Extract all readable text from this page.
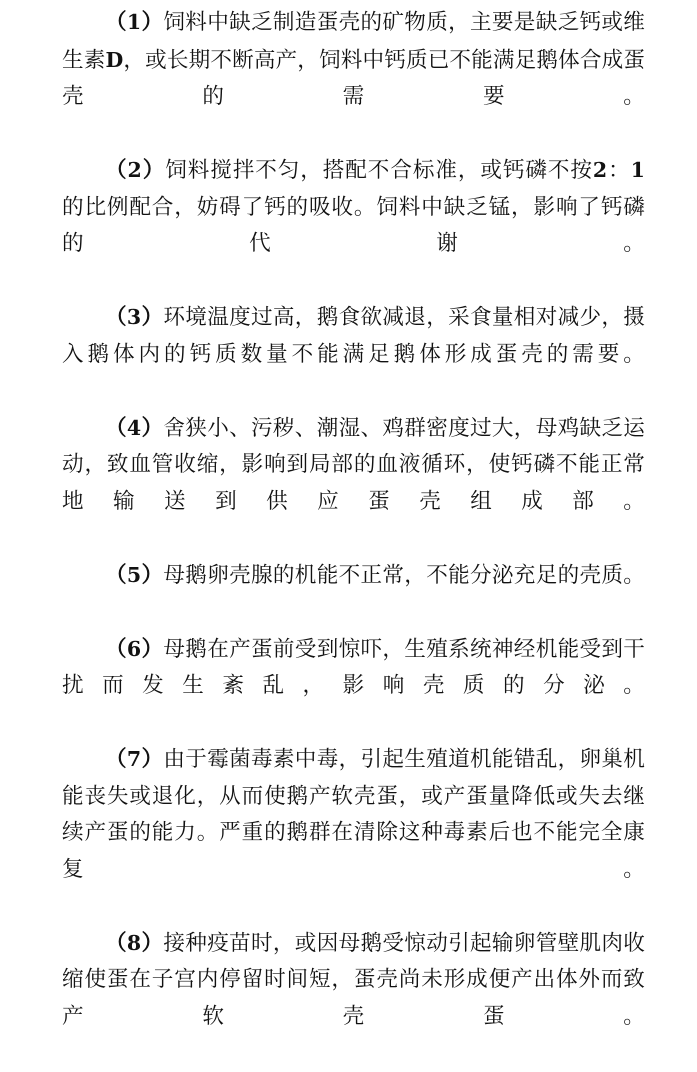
（1）饲料中缺乏制造蛋壳的矿物质，主要是缺乏钙或维生素D，或长期不断高产，饲料中钙质已不能满足鹅体合成蛋壳的需要。

（2）饲料搅拌不匀，搭配不合标准，或钙磷不按2：1的比例配合，妨碍了钙的吸收。饲料中缺乏锰，影响了钙磷的代谢。

（3）环境温度过高，鹅食欲减退，采食量相对减少，摄入鹅体内的钙质数量不能满足鹅体形成蛋壳的需要。

（4）舍狭小、污秽、潮湿、鸡群密度过大，母鸡缺乏运动，致血管收缩，影响到局部的血液循环，使钙磷不能正常地输送到供应蛋壳组成部。

（5）母鹅卵壳腺的机能不正常，不能分泌充足的壳质。

（6）母鹅在产蛋前受到惊吓，生殖系统神经机能受到干扰而发生紊乱，影响壳质的分泌。

（7）由于霉菌毒素中毒，引起生殖道机能错乱，卵巢机能丧失或退化，从而使鹅产软壳蛋，或产蛋量降低或失去继续产蛋的能力。严重的鹅群在清除这种毒素后也不能完全康复。

（8）接种疫苗时，或因母鹅受惊动引起输卵管壁肌肉收缩使蛋在子宫内停留时间短，蛋壳尚未形成便产出体外而致产软壳蛋。
